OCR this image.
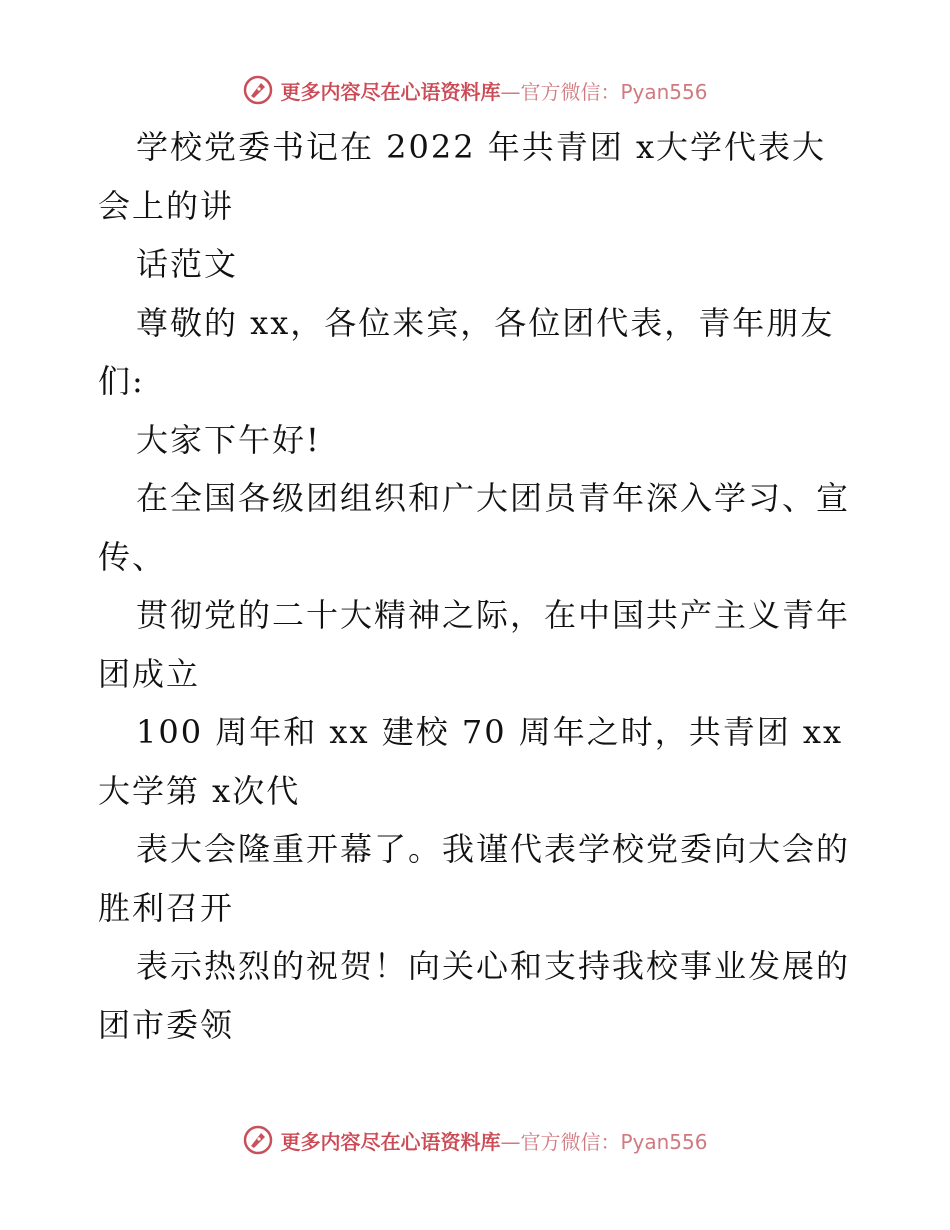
更多内容尽在心语资料库—官方微信：Pyan556
学校党委书记在 2022 年共青团 x大学代表大
会上的讲
话范文
尊敬的 xx，各位来宾，各位团代表，青年朋友
们:
大家下午好!
在全国各级团组织和广大团员青年深入学习、宣
传、
贯彻党的二十大精神之际，在中国共产主义青年
团成立
100 周年和 xx 建校 70 周年之时，共青团 xx
大学第 x次代
表大会隆重开幕了。我谨代表学校党委向大会的
胜利召开
表示热烈的祝贺！向关心和支持我校事业发展的
团市委领
更多内容尽在心语资料库—官方微信：Pyan556
